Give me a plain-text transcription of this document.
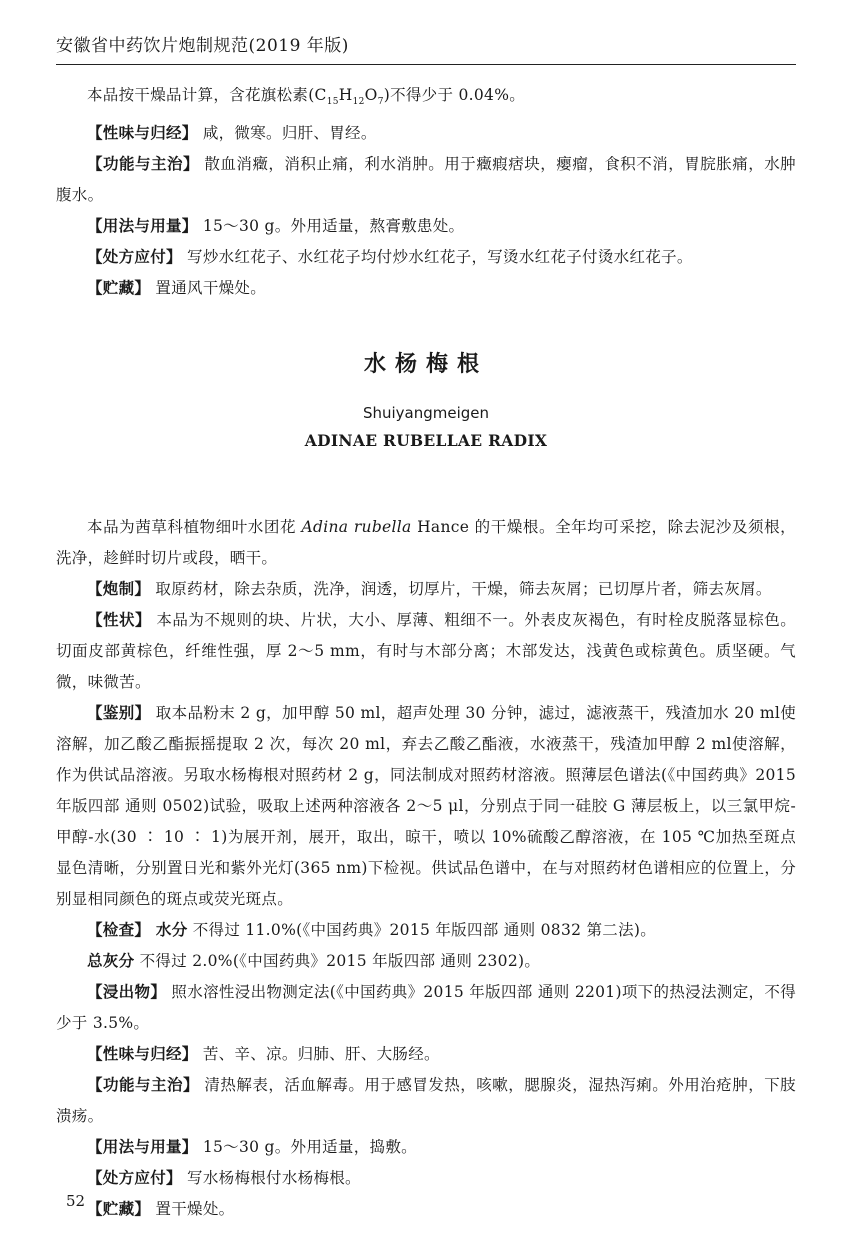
安徽省中药饮片炮制规范(2019 年版)

本品按干燥品计算，含花旗松素$(C_{15}H_{12}O_7)$不得少于 0.04%。

【性味与归经】 咸，微寒。归肝、胃经。

【功能与主治】 散血消癥，消积止痛，利水消肿。用于癥瘕痞块，瘿瘤，食积不消，胃脘胀痛，水肿腹水。

【用法与用量】 15～30 g。外用适量，熬膏敷患处。

【处方应付】 写炒水红花子、水红花子均付炒水红花子，写烫水红花子付烫水红花子。

【贮藏】 置通风干燥处。

水杨梅根
Shuiyangmeigen
ADINAE RUBELLAE RADIX

本品为茜草科植物细叶水团花 Adina rubella Hance 的干燥根。全年均可采挖，除去泥沙及须根，洗净，趁鲜时切片或段，晒干。

【炮制】 取原药材，除去杂质，洗净，润透，切厚片，干燥，筛去灰屑；已切厚片者，筛去灰屑。

【性状】 本品为不规则的块、片状，大小、厚薄、粗细不一。外表皮灰褐色，有时栓皮脱落显棕色。切面皮部黄棕色，纤维性强，厚 2～5 mm，有时与木部分离；木部发达，浅黄色或棕黄色。质坚硬。气微，味微苦。

【鉴别】 取本品粉末 2 g，加甲醇 50 ml，超声处理 30 分钟，滤过，滤液蒸干，残渣加水 20 ml使溶解，加乙酸乙酯振摇提取 2 次，每次 20 ml，弃去乙酸乙酯液，水液蒸干，残渣加甲醇 2 ml使溶解，作为供试品溶液。另取水杨梅根对照药材 2 g，同法制成对照药材溶液。照薄层色谱法(《中国药典》2015 年版四部 通则 0502)试验，吸取上述两种溶液各 2～5 μl，分别点于同一硅胶 G 薄层板上，以三氯甲烷-甲醇-水(30 ∶ 10 ∶ 1)为展开剂，展开，取出，晾干，喷以 10%硫酸乙醇溶液，在 105 ℃加热至斑点显色清晰，分别置日光和紫外光灯(365 nm)下检视。供试品色谱中，在与对照药材色谱相应的位置上，分别显相同颜色的斑点或荧光斑点。

【检查】 水分 不得过 11.0%(《中国药典》2015 年版四部 通则 0832 第二法)。

总灰分 不得过 2.0%(《中国药典》2015 年版四部 通则 2302)。

【浸出物】 照水溶性浸出物测定法(《中国药典》2015 年版四部 通则 2201)项下的热浸法测定，不得少于 3.5%。

【性味与归经】 苦、辛、凉。归肺、肝、大肠经。

【功能与主治】 清热解表，活血解毒。用于感冒发热，咳嗽，腮腺炎，湿热泻痢。外用治疮肿，下肢溃疡。

【用法与用量】 15～30 g。外用适量，捣敷。

【处方应付】 写水杨梅根付水杨梅根。

【贮藏】 置干燥处。

52
